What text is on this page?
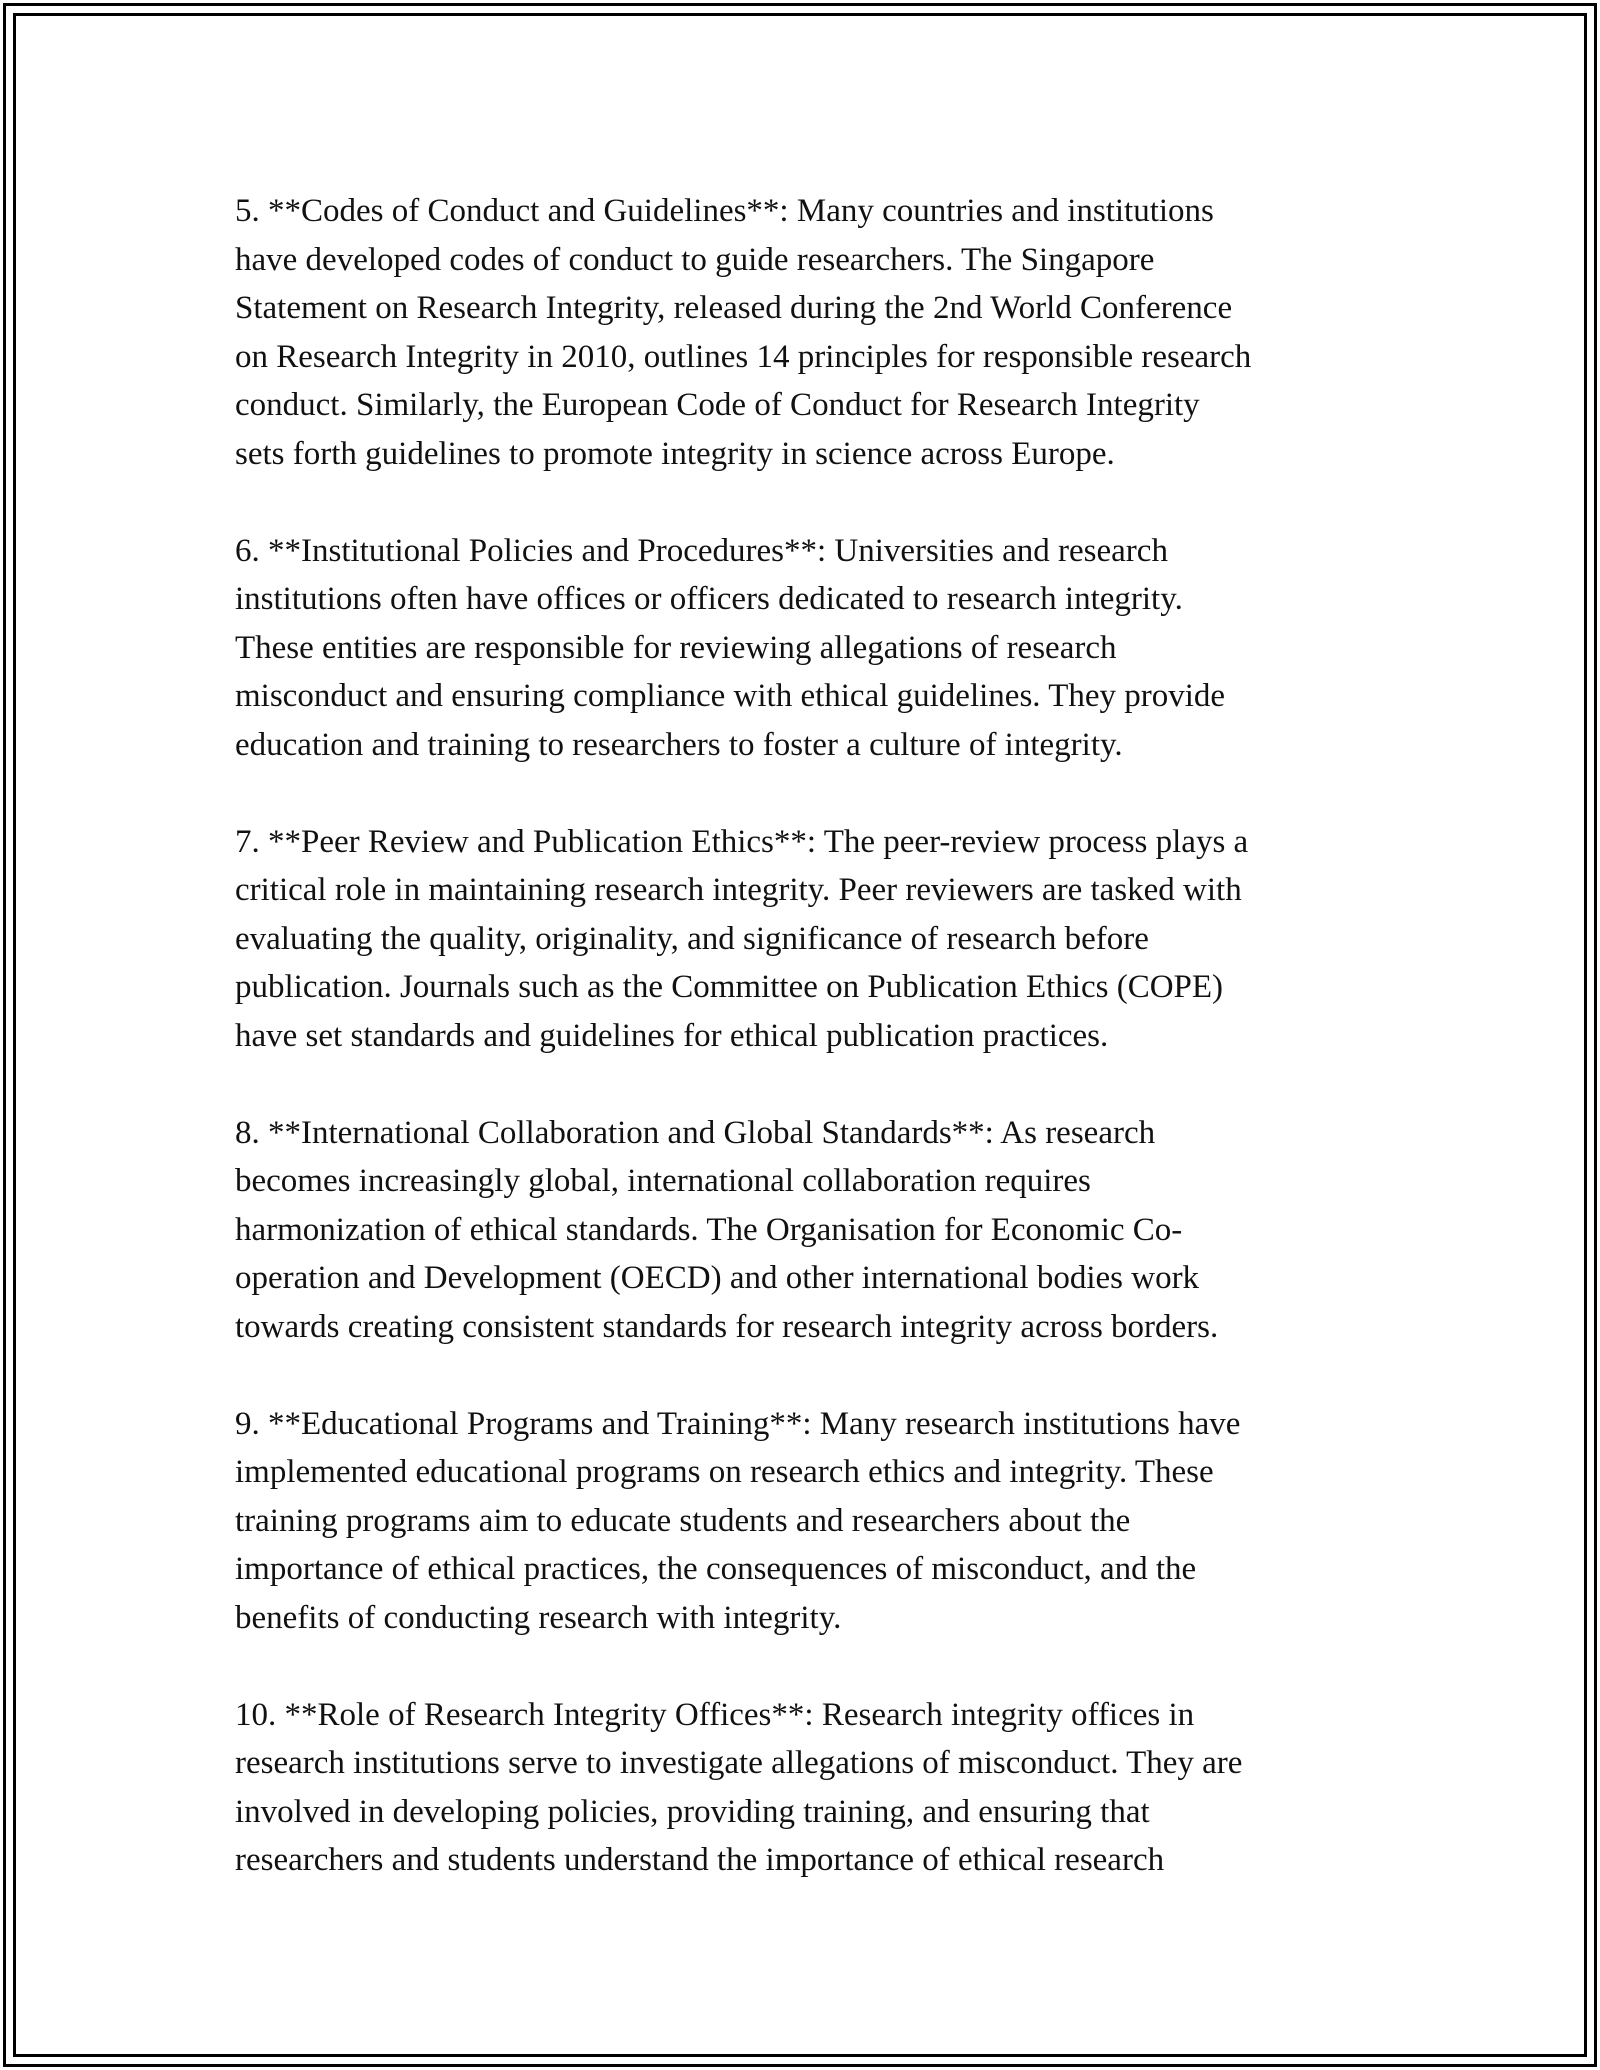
5. **Codes of Conduct and Guidelines**: Many countries and institutions
have developed codes of conduct to guide researchers. The Singapore
Statement on Research Integrity, released during the 2nd World Conference
on Research Integrity in 2010, outlines 14 principles for responsible research
conduct. Similarly, the European Code of Conduct for Research Integrity
sets forth guidelines to promote integrity in science across Europe.

6. **Institutional Policies and Procedures**: Universities and research
institutions often have offices or officers dedicated to research integrity.
These entities are responsible for reviewing allegations of research
misconduct and ensuring compliance with ethical guidelines. They provide
education and training to researchers to foster a culture of integrity.

7. **Peer Review and Publication Ethics**: The peer-review process plays a
critical role in maintaining research integrity. Peer reviewers are tasked with
evaluating the quality, originality, and significance of research before
publication. Journals such as the Committee on Publication Ethics (COPE)
have set standards and guidelines for ethical publication practices.

8. **International Collaboration and Global Standards**: As research
becomes increasingly global, international collaboration requires
harmonization of ethical standards. The Organisation for Economic Co-
operation and Development (OECD) and other international bodies work
towards creating consistent standards for research integrity across borders.

9. **Educational Programs and Training**: Many research institutions have
implemented educational programs on research ethics and integrity. These
training programs aim to educate students and researchers about the
importance of ethical practices, the consequences of misconduct, and the
benefits of conducting research with integrity.

10. **Role of Research Integrity Offices**: Research integrity offices in
research institutions serve to investigate allegations of misconduct. They are
involved in developing policies, providing training, and ensuring that
researchers and students understand the importance of ethical research
